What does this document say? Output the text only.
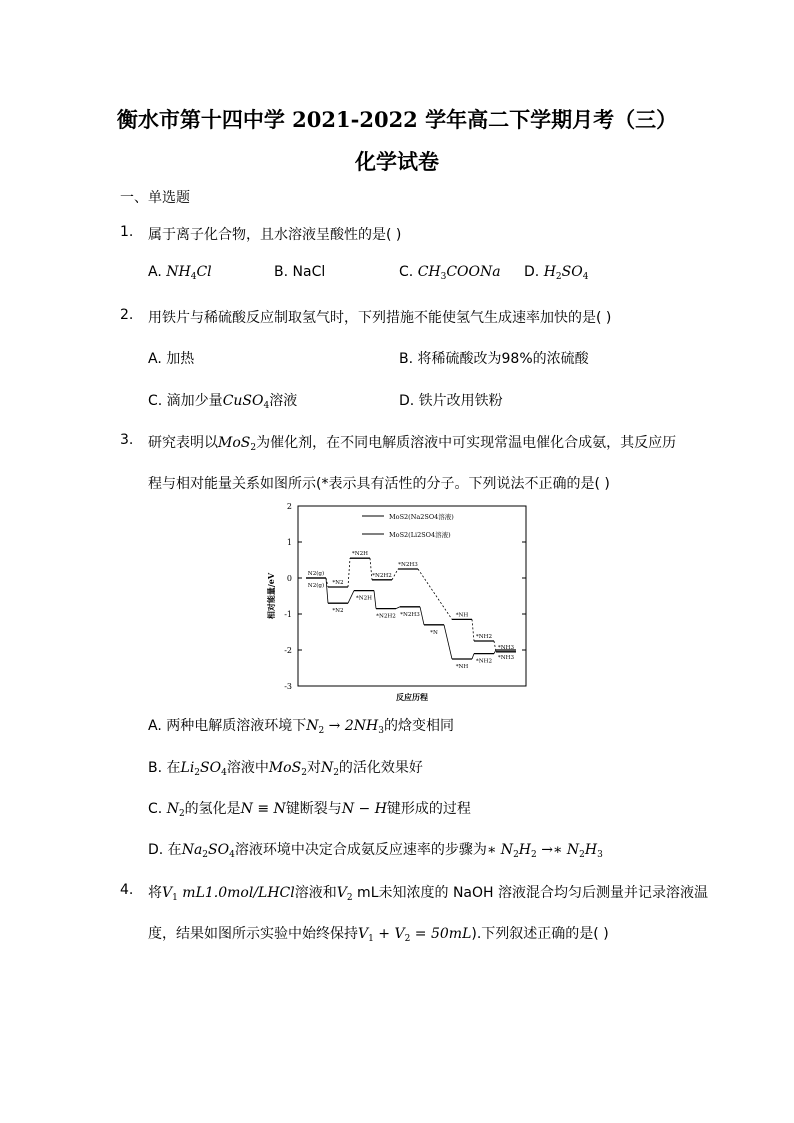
衡水市第十四中学 2021-2022 学年高二下学期月考（三）
化学试卷
一、单选题
1. 属于离子化合物，且水溶液呈酸性的是( )
A. $NH_4Cl$	B. NaCl	C. $CH_3COONa$ D. $H_2SO_4$
2. 用铁片与稀硫酸反应制取氢气时，下列措施不能使氢气生成速率加快的是( )
A. 加热	B. 将稀硫酸改为98%的浓硫酸
C. 滴加少量CuSO$_4$溶液	D. 铁片改用铁粉
3. 研究表明以MoS$_2$为催化剂，在不同电解质溶液中可实现常温电催化合成氨，其反应历
程与相对能量关系如图所示(*表示具有活性的分子。下列说法不正确的是( )
2
1
0
-1
-2
-3
相对能量/eV
反应历程
MoS2(Na2SO4溶液)
MoS2(Li2SO4溶液)
N2(g)
*N2
*N2H
*N2H2
*N2H3
*NH
*NH2
*NH3
N2(g)
*N2
*N2H
*N2H2 *N2H3
*N
*NH
*NH2
*NH3
A. 两种电解质溶液环境下$N_2 \to 2NH_3$的焓变相同
B. 在$Li_2SO_4$溶液中MoS$_2$对$N_2$的活化效果好
C. $N_2$的氢化是N ≡ N键断裂与N − H键形成的过程
D. 在$Na_2SO_4$溶液环境中决定合成氨反应速率的步骤为∗ $N_2H_2$ →∗ $N_2H_3$
4. 将$V_1$ mL1.0mol/LHCl溶液和$V_2$ mL未知浓度的 NaOH 溶液混合均匀后测量并记录溶液温
度，结果如图所示实验中始终保持$V_1 + V_2 = 50mL$).下列叙述正确的是( )
